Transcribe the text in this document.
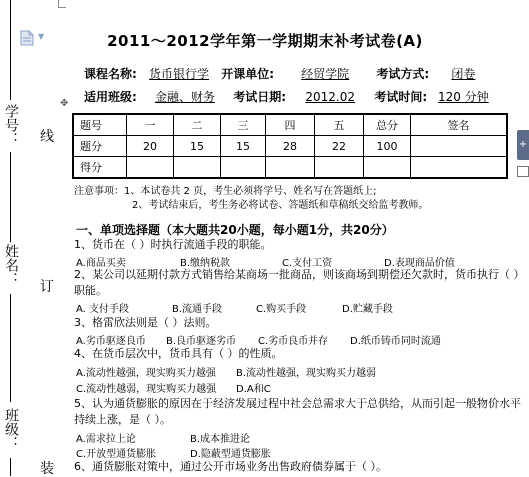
▼
学号：
姓名：
班级：
线
订
装
✥
+
2011～2012学年第一学期期末补考试卷(A)
课程名称: 货币银行学 开课单位: 经贸学院 考试方式: 闭卷
适用班级: 金融、财务 考试日期: 2012.02 考试时间: 120 分钟
题号	一	二	三	四	五	总分	签名
题分	20	15	15	28	22	100	
得分							
注意事项：1、本试卷共 2 页，考生必须将学号、姓名写在答题纸上;
2、考试结束后，考生务必将试卷、答题纸和草稿纸交给监考教师。
一、单项选择题（本大题共20小题，每小题1分，共20分）
1、货币在（ ）时执行流通手段的职能。
A.商品买卖	B.缴纳税款	C.支付工资	D.表现商品价值
2、某公司以延期付款方式销售给某商场一批商品，则该商场到期偿还欠款时，货币执行（ ）
职能。
A. 支付手段	B.流通手段	C.购买手段	D.贮藏手段
3、格雷欣法则是（ ）法则。
A.劣币驱逐良币 B.良币驱逐劣币 C.劣币良币并存 D.纸币铸币同时流通
4、在货币层次中，货币具有（ ）的性质。
A.流动性越强，现实购买力越强 B.流动性越强，现实购买力越弱
C.流动性越弱，现实购买力越强 D.A和C
5、认为通货膨胀的原因在于经济发展过程中社会总需求大于总供给，从而引起一般物价水平
持续上涨，是（ ）。
A.需求拉上论	B.成本推进论
C.开放型通货膨胀	D.隐蔽型通货膨胀
6、通货膨胀对策中，通过公开市场业务出售政府债券属于（ ）。
